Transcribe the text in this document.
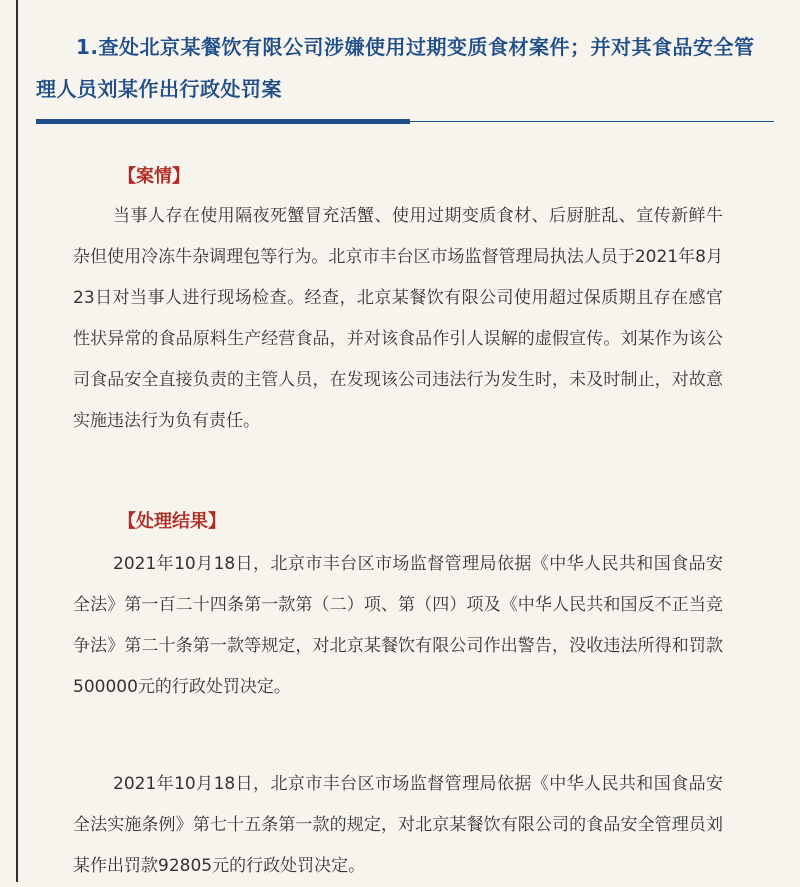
1.查处北京某餐饮有限公司涉嫌使用过期变质食材案件；并对其食品安全管理人员刘某作出行政处罚案
【案情】

当事人存在使用隔夜死蟹冒充活蟹、使用过期变质食材、后厨脏乱、宣传新鲜牛杂但使用冷冻牛杂调理包等行为。北京市丰台区市场监督管理局执法人员于2021年8月23日对当事人进行现场检查。经查，北京某餐饮有限公司使用超过保质期且存在感官性状异常的食品原料生产经营食品，并对该食品作引人误解的虚假宣传。刘某作为该公司食品安全直接负责的主管人员，在发现该公司违法行为发生时，未及时制止，对故意实施违法行为负有责任。

【处理结果】

2021年10月18日，北京市丰台区市场监督管理局依据《中华人民共和国食品安全法》第一百二十四条第一款第（二）项、第（四）项及《中华人民共和国反不正当竞争法》第二十条第一款等规定，对北京某餐饮有限公司作出警告，没收违法所得和罚款500000元的行政处罚决定。

2021年10月18日，北京市丰台区市场监督管理局依据《中华人民共和国食品安全法实施条例》第七十五条第一款的规定，对北京某餐饮有限公司的食品安全管理员刘某作出罚款92805元的行政处罚决定。
